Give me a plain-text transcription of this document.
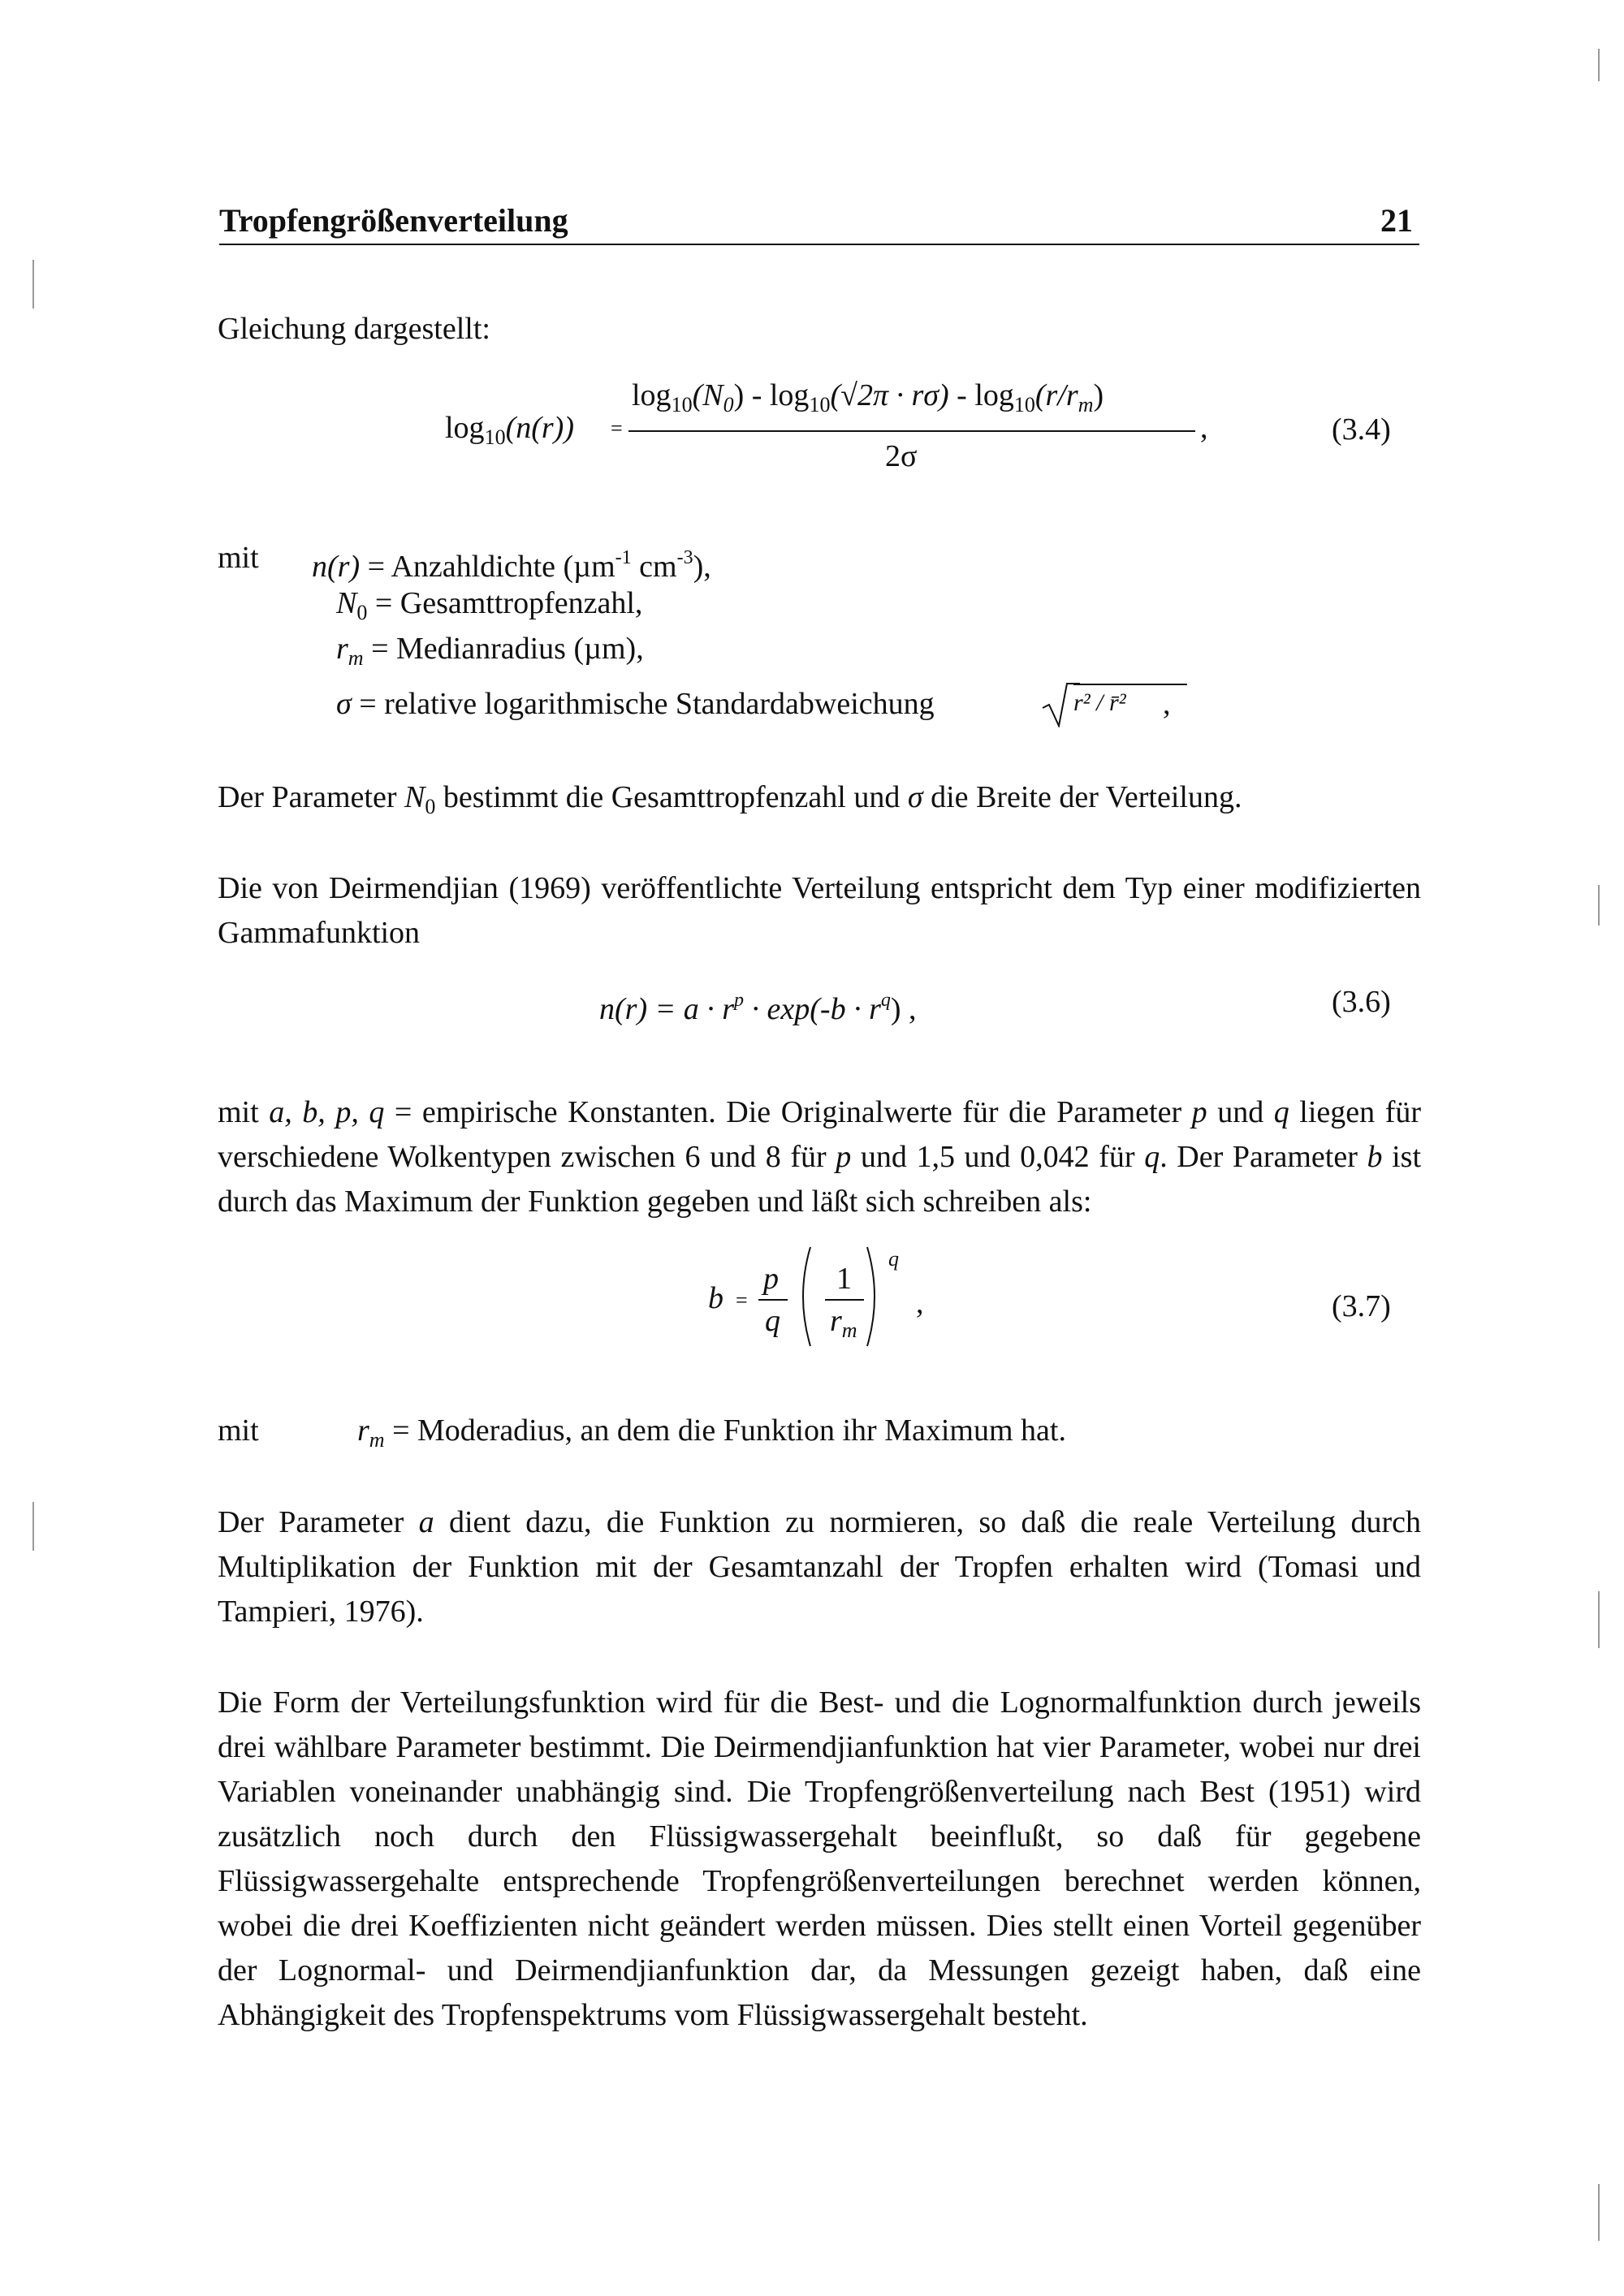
Tropfengrößenverteilung	21
Gleichung dargestellt:
$\log_{10}(n(r))$ =
$\log_{10}(N_0) - \log_{10}(√2\pi \cdot r\sigma) - \log_{10}(r/r_m)$
2σ
,	(3.4)
mit n(r) = Anzahldichte (µm$^{-1}$ $cm^{-3}$),
$N_0$ = Gesamttropfenzahl,
$r_m$ = Medianradius (µm),
σ = relative logarithmische Standardabweichung	r² / r̄²	,
Der Parameter $N_0$ bestimmt die Gesamttropfenzahl und σ die Breite der Verteilung.
Die von Deirmendjian (1969) veröffentlichte Verteilung entspricht dem Typ einer modifizierten Gammafunktion
$n(r) = a \cdot r^p \cdot \exp(-b \cdot r^q)$ ,	(3.6)
mit a, b, p, q = empirische Konstanten. Die Originalwerte für die Parameter p und q liegen für verschiedene Wolkentypen zwischen 6 und 8 für p und 1,5 und 0,042 für q. Der Parameter b ist durch das Maximum der Funktion gegeben und läßt sich schreiben als:
b =
p
q
1
$r_m$
q
,	(3.7)
mit	$r_m$ = Moderadius, an dem die Funktion ihr Maximum hat.
Der Parameter a dient dazu, die Funktion zu normieren, so daß die reale Verteilung durch Multiplikation der Funktion mit der Gesamtanzahl der Tropfen erhalten wird (Tomasi und Tampieri, 1976).
Die Form der Verteilungsfunktion wird für die Best- und die Lognormalfunktion durch jeweils drei wählbare Parameter bestimmt. Die Deirmendjianfunktion hat vier Parameter, wobei nur drei Variablen voneinander unabhängig sind. Die Tropfengrößenverteilung nach Best (1951) wird zusätzlich noch durch den Flüssigwassergehalt beeinflußt, so daß für gegebene Flüssigwassergehalte entsprechende Tropfengrößenverteilungen berechnet werden können, wobei die drei Koeffizienten nicht geändert werden müssen. Dies stellt einen Vorteil gegenüber der Lognormal- und Deirmendjianfunktion dar, da Messungen gezeigt haben, daß eine Abhängigkeit des Tropfenspektrums vom Flüssigwassergehalt besteht.
